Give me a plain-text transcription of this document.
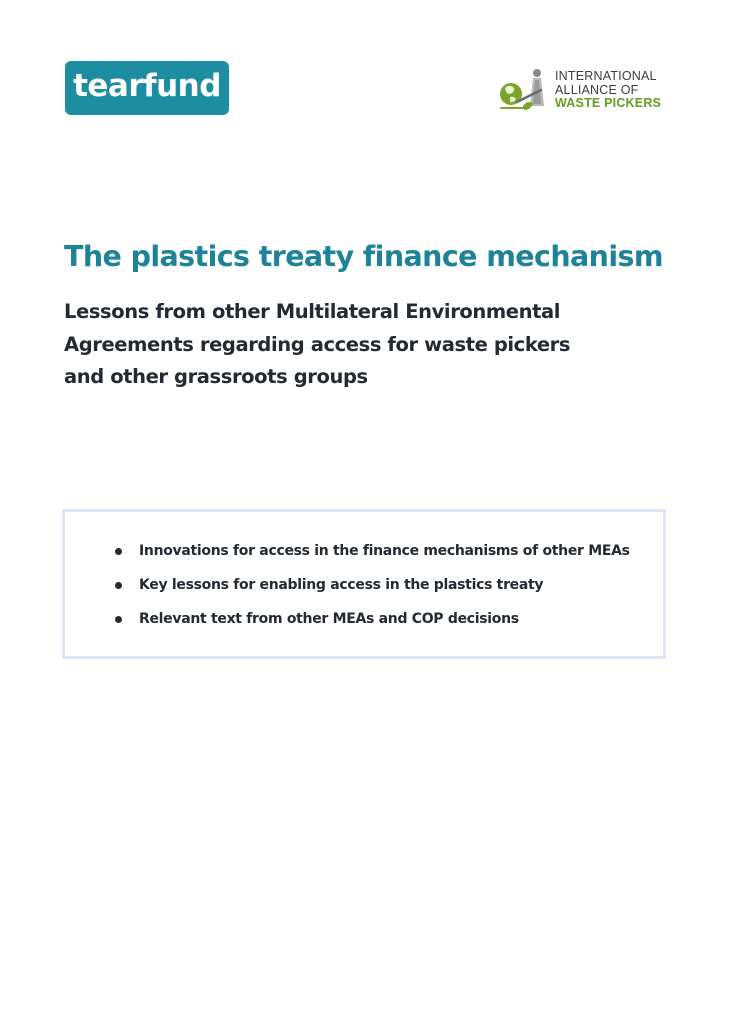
tearfund	INTERNATIONAL
ALLIANCE OF
WASTE PICKERS
The plastics treaty finance mechanism
Lessons from other Multilateral Environmental Agreements regarding access for waste pickers and other grassroots groups
Innovations for access in the finance mechanisms of other MEAs
Key lessons for enabling access in the plastics treaty
Relevant text from other MEAs and COP decisions
